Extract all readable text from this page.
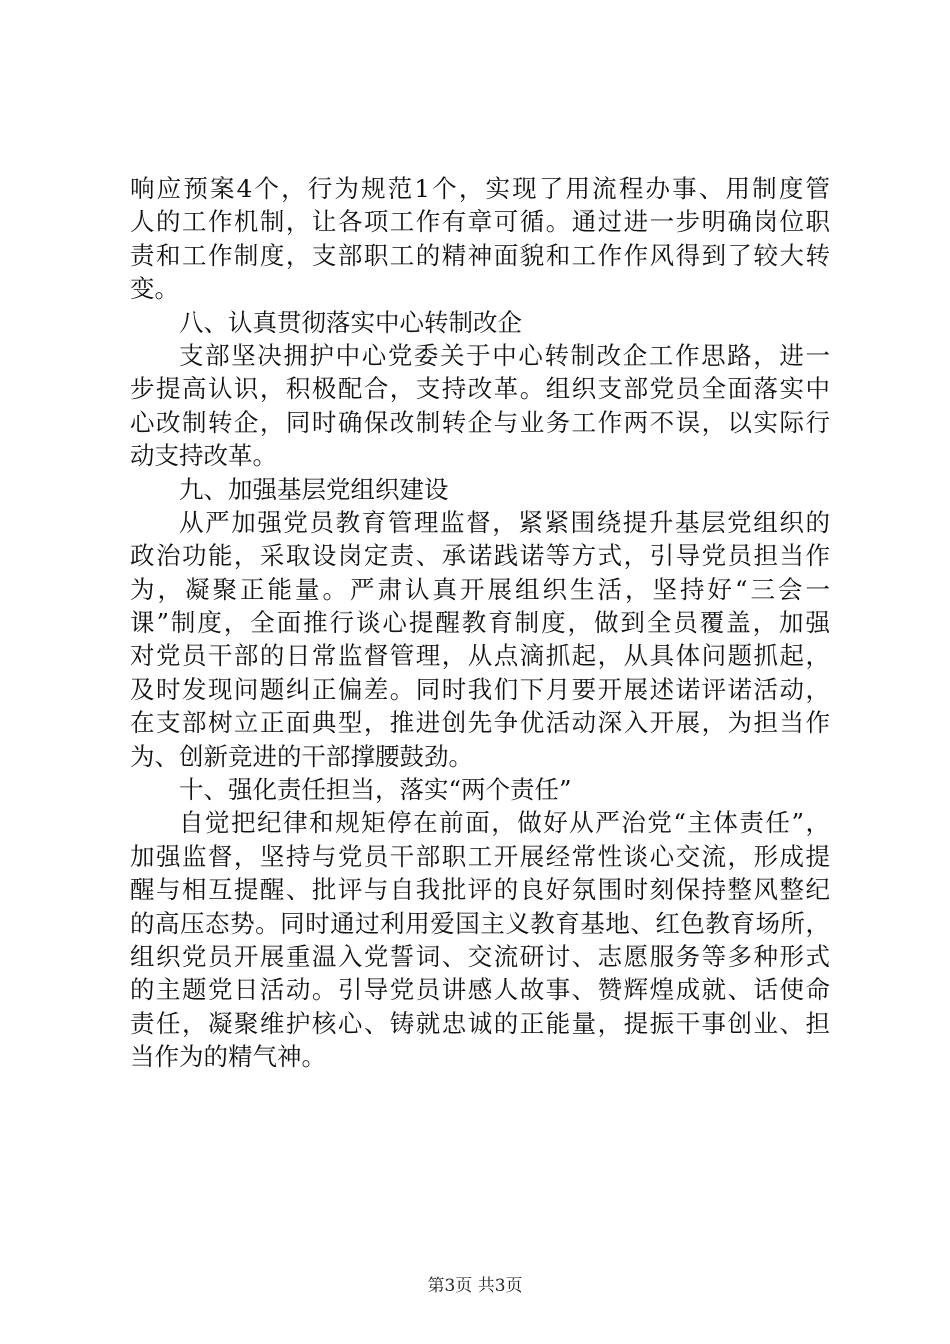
响应预案4个，行为规范1个，实现了用流程办事、用制度管
人的工作机制，让各项工作有章可循。通过进一步明确岗位职
责和工作制度，支部职工的精神面貌和工作作风得到了较大转
变。
八、认真贯彻落实中心转制改企
支部坚决拥护中心党委关于中心转制改企工作思路，进一
步提高认识，积极配合，支持改革。组织支部党员全面落实中
心改制转企，同时确保改制转企与业务工作两不误，以实际行
动支持改革。
九、加强基层党组织建设
从严加强党员教育管理监督，紧紧围绕提升基层党组织的
政治功能，采取设岗定责、承诺践诺等方式，引导党员担当作
为，凝聚正能量。严肃认真开展组织生活，坚持好“三会一
课”制度，全面推行谈心提醒教育制度，做到全员覆盖，加强
对党员干部的日常监督管理，从点滴抓起，从具体问题抓起，
及时发现问题纠正偏差。同时我们下月要开展述诺评诺活动，
在支部树立正面典型，推进创先争优活动深入开展，为担当作
为、创新竞进的干部撑腰鼓劲。
十、强化责任担当，落实“两个责任”
自觉把纪律和规矩停在前面，做好从严治党“主体责任”，
加强监督，坚持与党员干部职工开展经常性谈心交流，形成提
醒与相互提醒、批评与自我批评的良好氛围时刻保持整风整纪
的高压态势。同时通过利用爱国主义教育基地、红色教育场所，
组织党员开展重温入党誓词、交流研讨、志愿服务等多种形式
的主题党日活动。引导党员讲感人故事、赞辉煌成就、话使命
责任，凝聚维护核心、铸就忠诚的正能量，提振干事创业、担
当作为的精气神。
第3页 共3页
